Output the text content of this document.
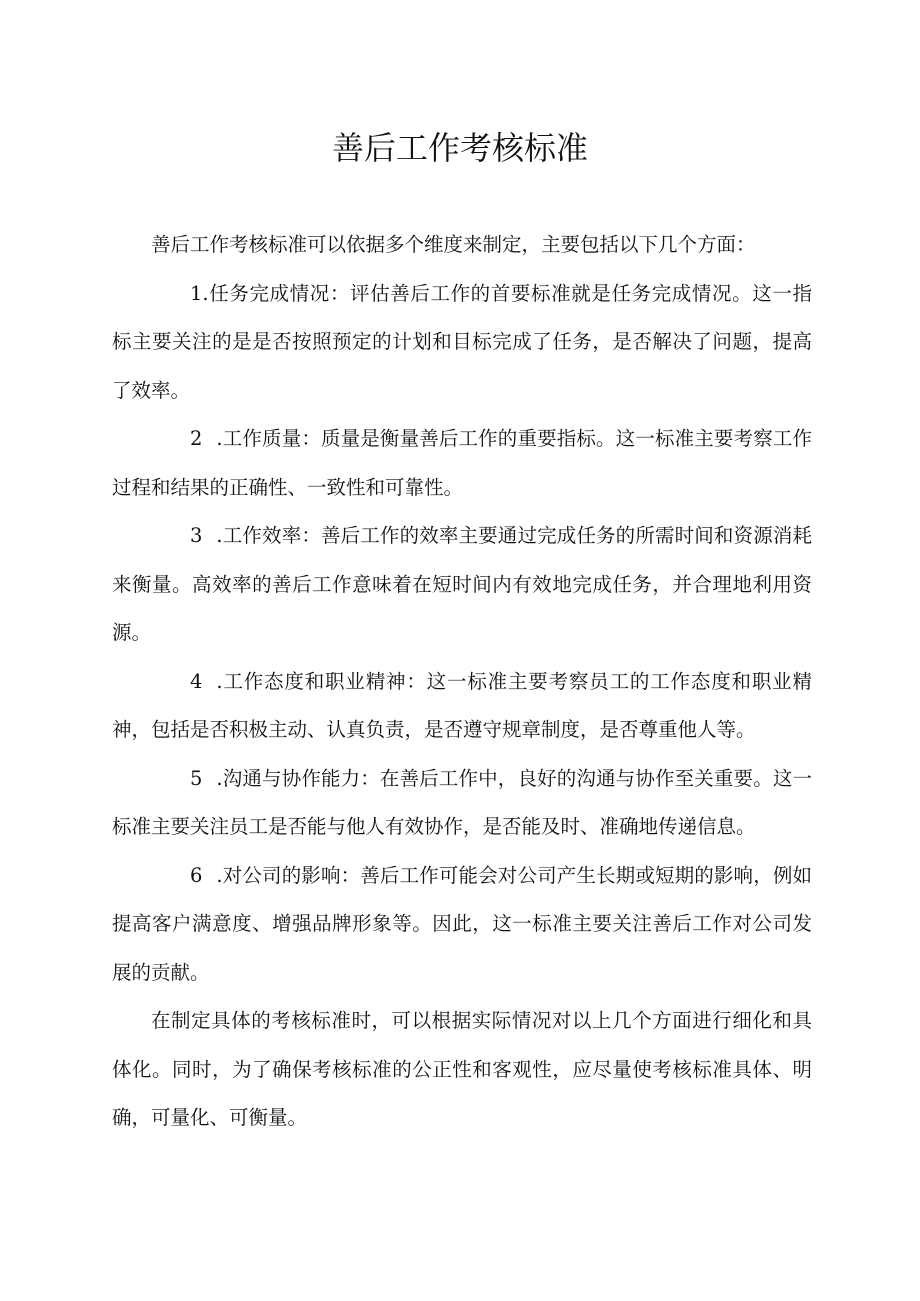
善后工作考核标准

善后工作考核标准可以依据多个维度来制定，主要包括以下几个方面：

1.任务完成情况：评估善后工作的首要标准就是任务完成情况。这一指标主要关注的是是否按照预定的计划和目标完成了任务，是否解决了问题，提高了效率。

2 .工作质量：质量是衡量善后工作的重要指标。这一标准主要考察工作过程和结果的正确性、一致性和可靠性。

3 .工作效率：善后工作的效率主要通过完成任务的所需时间和资源消耗来衡量。高效率的善后工作意味着在短时间内有效地完成任务，并合理地利用资源。

4 .工作态度和职业精神：这一标准主要考察员工的工作态度和职业精神，包括是否积极主动、认真负责，是否遵守规章制度，是否尊重他人等。

5 .沟通与协作能力：在善后工作中，良好的沟通与协作至关重要。这一标准主要关注员工是否能与他人有效协作，是否能及时、准确地传递信息。

6 .对公司的影响：善后工作可能会对公司产生长期或短期的影响，例如提高客户满意度、增强品牌形象等。因此，这一标准主要关注善后工作对公司发展的贡献。

在制定具体的考核标准时，可以根据实际情况对以上几个方面进行细化和具体化。同时，为了确保考核标准的公正性和客观性，应尽量使考核标准具体、明确，可量化、可衡量。
